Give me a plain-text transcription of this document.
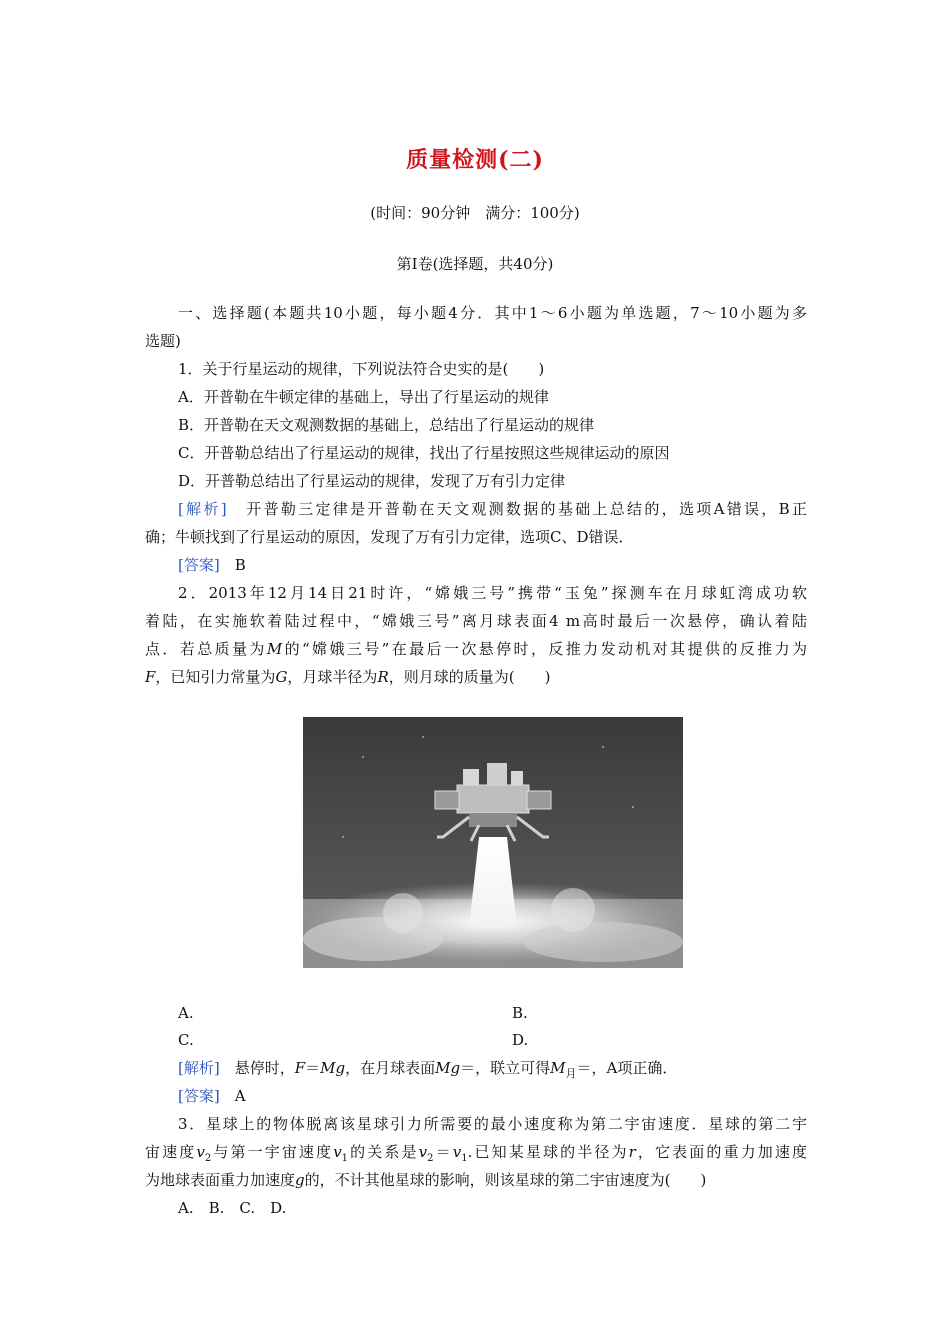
质量检测(二)
(时间：90分钟　满分：100分)
第Ⅰ卷(选择题，共40分)
一、选择题(本题共10小题，每小题4分．其中1～6小题为单选题，7～10小题为多
选题)
1．关于行星运动的规律，下列说法符合史实的是(　　)
A．开普勒在牛顿定律的基础上，导出了行星运动的规律
B．开普勒在天文观测数据的基础上，总结出了行星运动的规律
C．开普勒总结出了行星运动的规律，找出了行星按照这些规律运动的原因
D．开普勒总结出了行星运动的规律，发现了万有引力定律
[解析]　开普勒三定律是开普勒在天文观测数据的基础上总结的，选项A错误，B正
确；牛顿找到了行星运动的原因，发现了万有引力定律，选项C、D错误．
[答案]　B
2．2013年12月14日21时许，“嫦娥三号”携带“玉兔”探测车在月球虹湾成功软
着陆，在实施软着陆过程中，“嫦娥三号”离月球表面4 m高时最后一次悬停，确认着陆
点．若总质量为M的“嫦娥三号”在最后一次悬停时，反推力发动机对其提供的反推力为
F，已知引力常量为G，月球半径为R，则月球的质量为(　　)
A.	B.
C.	D.
[解析]　悬停时，F＝Mg，在月球表面Mg＝，联立可得$M_月=$，A项正确．
[答案]　A
3．星球上的物体脱离该星球引力所需要的最小速度称为第二宇宙速度．星球的第二宇
宙速度$v_2$与第一宇宙速度$v_1$的关系是$v_2=v_1$.已知某星球的半径为r，它表面的重力加速度
为地球表面重力加速度g的，不计其他星球的影响，则该星球的第二宇宙速度为(　　)
A.　B.　C.　D.
